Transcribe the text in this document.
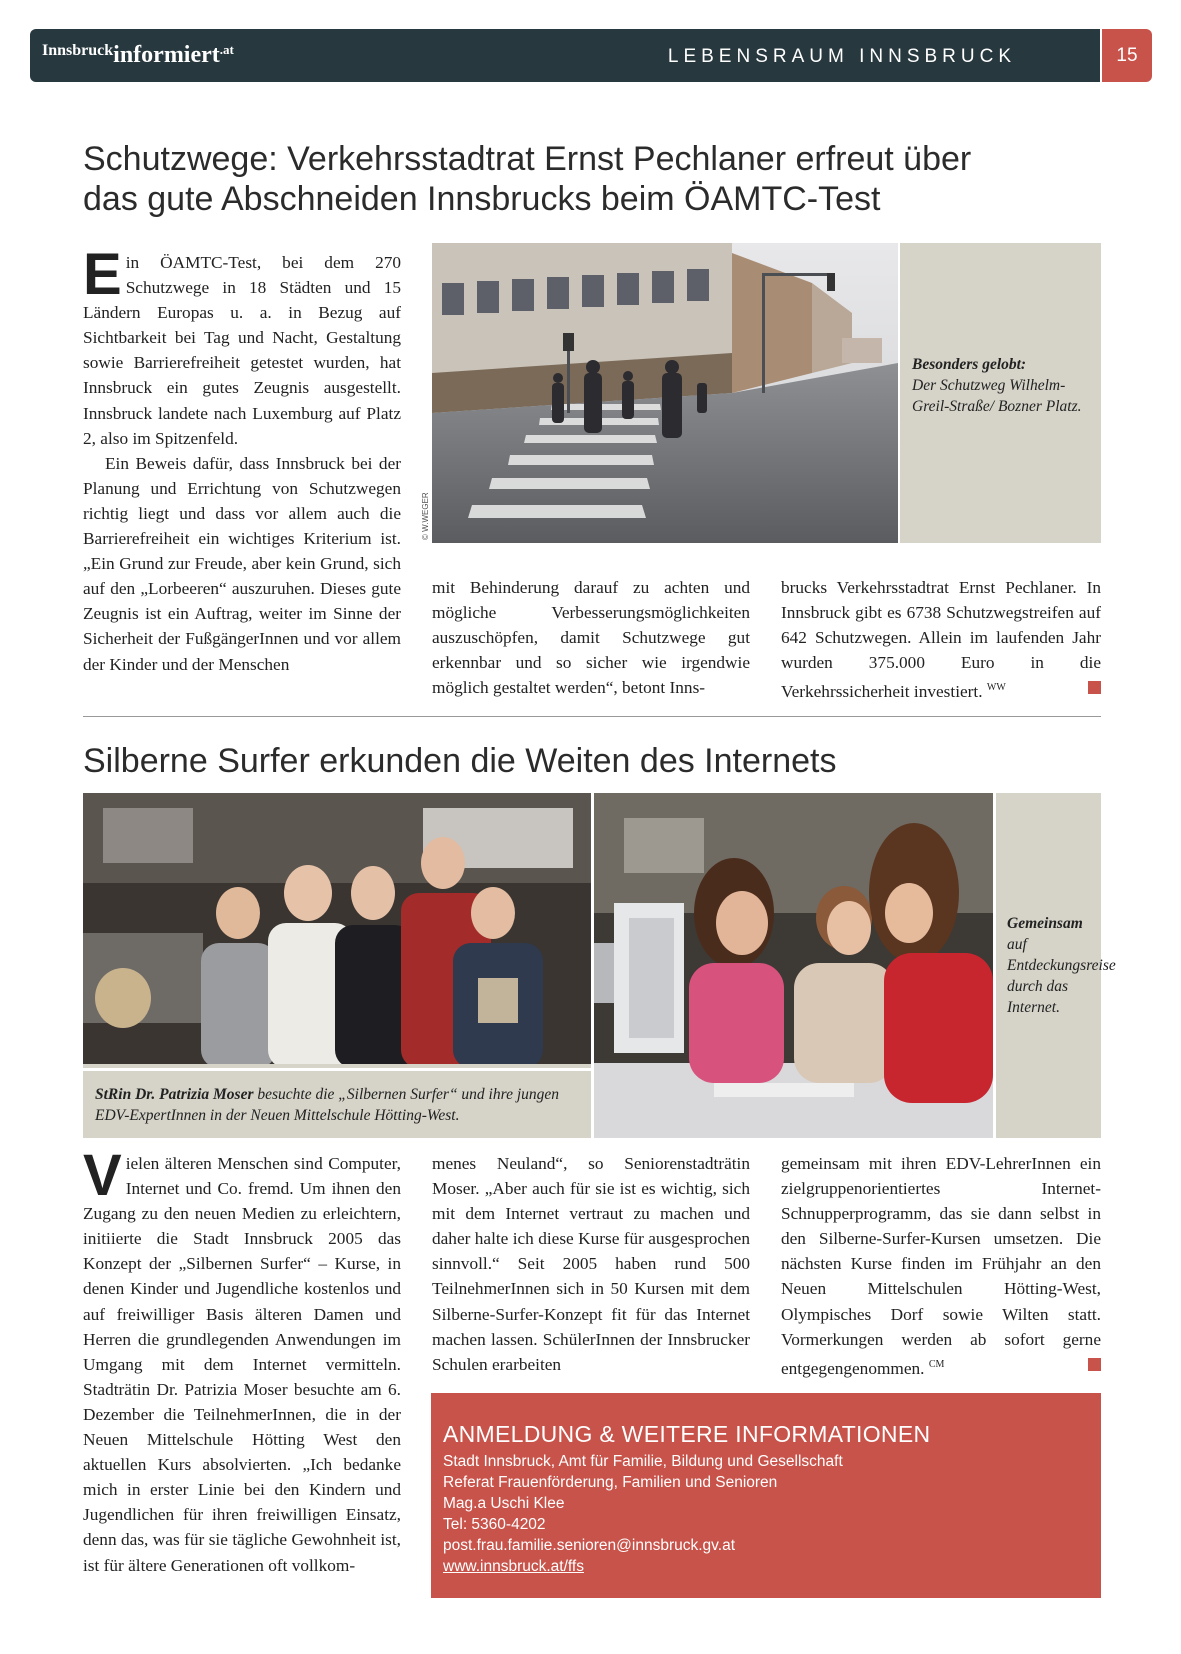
Innsbruckinformiert$^{.at}$	LEBENSRAUM INNSBRUCK	15
Schutzwege: Verkehrsstadtrat Ernst Pechlaner erfreut über
das gute Abschneiden Innsbrucks beim ÖAMTC-Test

Ein ÖAMTC-Test, bei dem 270 Schutzwege in 18 Städten und 15 Ländern Europas u. a. in Bezug auf Sichtbarkeit bei Tag und Nacht, Gestaltung sowie Barrierefreiheit getestet wurden, hat Innsbruck ein gutes Zeugnis ausgestellt. Innsbruck landete nach Luxemburg auf Platz 2, also im Spitzenfeld.

Ein Beweis dafür, dass Innsbruck bei der Planung und Errichtung von Schutzwegen richtig liegt und dass vor allem auch die Barrierefreiheit ein wichtiges Kriterium ist. „Ein Grund zur Freude, aber kein Grund, sich auf den „Lorbeeren“ auszuruhen. Dieses gute Zeugnis ist ein Auftrag, weiter im Sinne der Sicherheit der FußgängerInnen und vor allem der Kinder und der Menschen

© W.WEGER
Besonders gelobt:
Der Schutzweg Wilhelm-Greil-Straße/ Bozner Platz.

mit Behinderung darauf zu achten und mögliche Verbesserungsmöglichkeiten auszuschöpfen, damit Schutzwege gut erkennbar und so sicher wie irgendwie möglich gestaltet werden“, betont Inns-

brucks Verkehrsstadtrat Ernst Pechlaner. In Innsbruck gibt es 6738 Schutzwegstreifen auf 642 Schutzwegen. Allein im laufenden Jahr wurden 375.000 Euro in die Verkehrssicherheit investiert. $^{WW}$

Silberne Surfer erkunden die Weiten des Internets
StRin Dr. Patrizia Moser besuchte die „Silbernen Surfer“ und ihre jungen EDV-ExpertInnen in der Neuen Mittelschule Hötting-West.
Gemeinsam
auf Entdeckungsreise durch das Internet.

Vielen älteren Menschen sind Computer, Internet und Co. fremd. Um ihnen den Zugang zu den neuen Medien zu erleichtern, initiierte die Stadt Innsbruck 2005 das Konzept der „Silbernen Surfer“ – Kurse, in denen Kinder und Jugendliche kostenlos und auf freiwilliger Basis älteren Damen und Herren die grundlegenden Anwendungen im Umgang mit dem Internet vermitteln. Stadträtin Dr. Patrizia Moser besuchte am 6. Dezember die TeilnehmerInnen, die in der Neuen Mittelschule Hötting West den aktuellen Kurs absolvierten. „Ich bedanke mich in erster Linie bei den Kindern und Jugendlichen für ihren freiwilligen Einsatz, denn das, was für sie tägliche Gewohnheit ist, ist für ältere Generationen oft vollkom-

menes Neuland“, so Seniorenstadträtin Moser. „Aber auch für sie ist es wichtig, sich mit dem Internet vertraut zu machen und daher halte ich diese Kurse für ausgesprochen sinnvoll.“ Seit 2005 haben rund 500 TeilnehmerInnen sich in 50 Kursen mit dem Silberne-Surfer-Konzept fit für das Internet machen lassen. SchülerInnen der Innsbrucker Schulen erarbeiten

gemeinsam mit ihren EDV-LehrerInnen ein zielgruppenorientiertes Internet-Schnupperprogramm, das sie dann selbst in den Silberne-Surfer-Kursen umsetzen. Die nächsten Kurse finden im Frühjahr an den Neuen Mittelschulen Hötting-West, Olympisches Dorf sowie Wilten statt. Vormerkungen werden ab sofort gerne entgegengenommen. $^{CM}$

ANMELDUNG & WEITERE INFORMATIONEN
Stadt Innsbruck, Amt für Familie, Bildung und Gesellschaft
Referat Frauenförderung, Familien und Senioren
Mag.a Uschi Klee
Tel: 5360-4202
post.frau.familie.senioren@innsbruck.gv.at
www.innsbruck.at/ffs
